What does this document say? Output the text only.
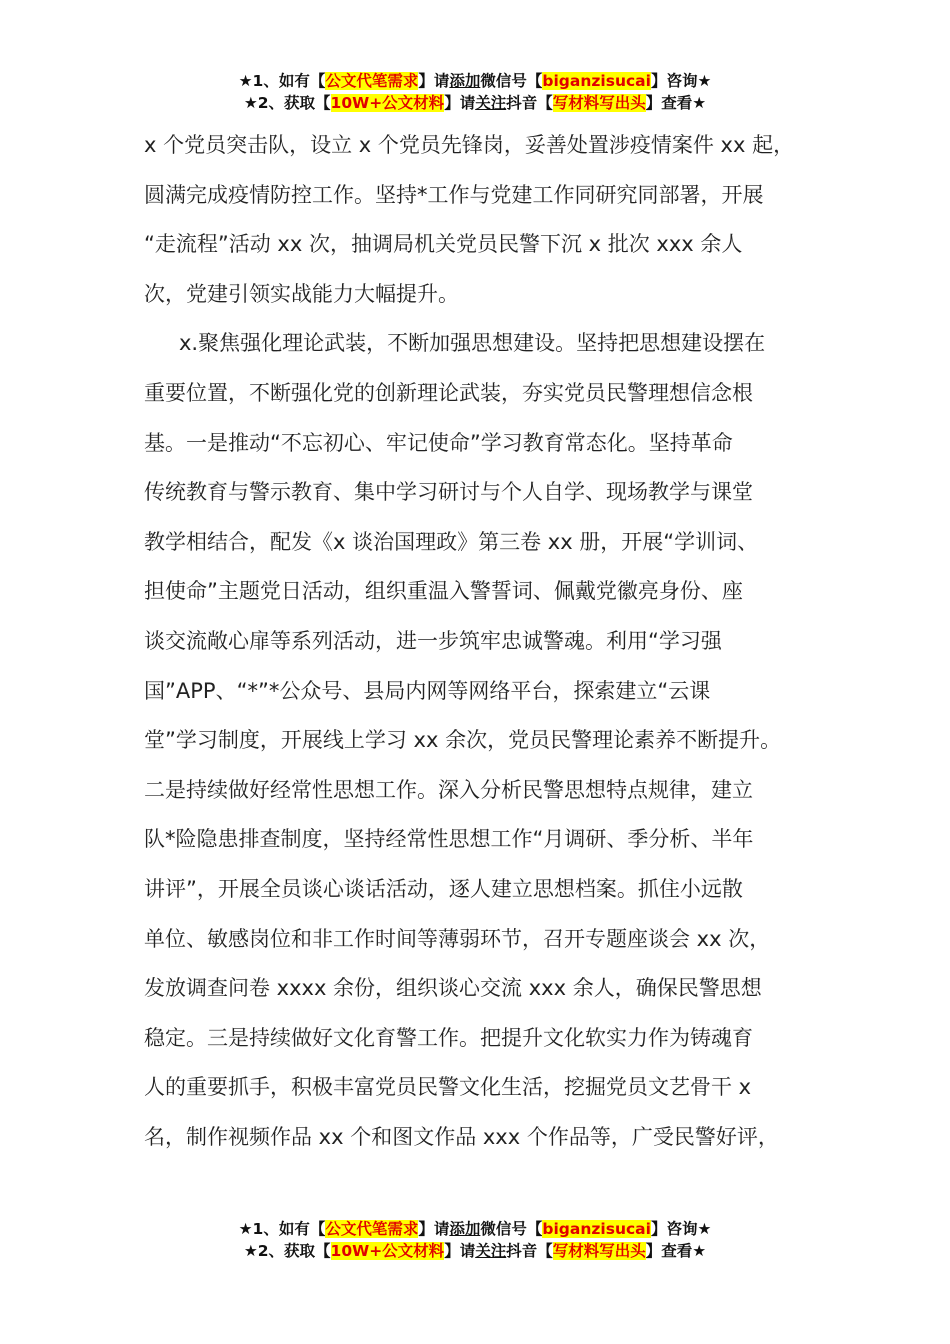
★1、如有【公文代笔需求】请添加微信号【biganzisucai】咨询★
★2、获取【10W+公文材料】请关注抖音【写材料写出头】查看★
x 个党员突击队，设立 x 个党员先锋岗，妥善处置涉疫情案件 xx 起，
圆满完成疫情防控工作。坚持*工作与党建工作同研究同部署，开展
“走流程”活动 xx 次，抽调局机关党员民警下沉 x 批次 xxx 余人
次，党建引领实战能力大幅提升。
x.聚焦强化理论武装，不断加强思想建设。坚持把思想建设摆在
重要位置，不断强化党的创新理论武装，夯实党员民警理想信念根
基。一是推动“不忘初心、牢记使命”学习教育常态化。坚持革命
传统教育与警示教育、集中学习研讨与个人自学、现场教学与课堂
教学相结合，配发《x 谈治国理政》第三卷 xx 册，开展“学训词、
担使命”主题党日活动，组织重温入警誓词、佩戴党徽亮身份、座
谈交流敞心扉等系列活动，进一步筑牢忠诚警魂。利用“学习强
国”APP、“*”*公众号、县局内网等网络平台，探索建立“云课
堂”学习制度，开展线上学习 xx 余次，党员民警理论素养不断提升。
二是持续做好经常性思想工作。深入分析民警思想特点规律，建立
队*险隐患排查制度，坚持经常性思想工作“月调研、季分析、半年
讲评”，开展全员谈心谈话活动，逐人建立思想档案。抓住小远散
单位、敏感岗位和非工作时间等薄弱环节，召开专题座谈会 xx 次，
发放调查问卷 xxxx 余份，组织谈心交流 xxx 余人，确保民警思想
稳定。三是持续做好文化育警工作。把提升文化软实力作为铸魂育
人的重要抓手，积极丰富党员民警文化生活，挖掘党员文艺骨干 x
名，制作视频作品 xx 个和图文作品 xxx 个作品等，广受民警好评，
★1、如有【公文代笔需求】请添加微信号【biganzisucai】咨询★
★2、获取【10W+公文材料】请关注抖音【写材料写出头】查看★
